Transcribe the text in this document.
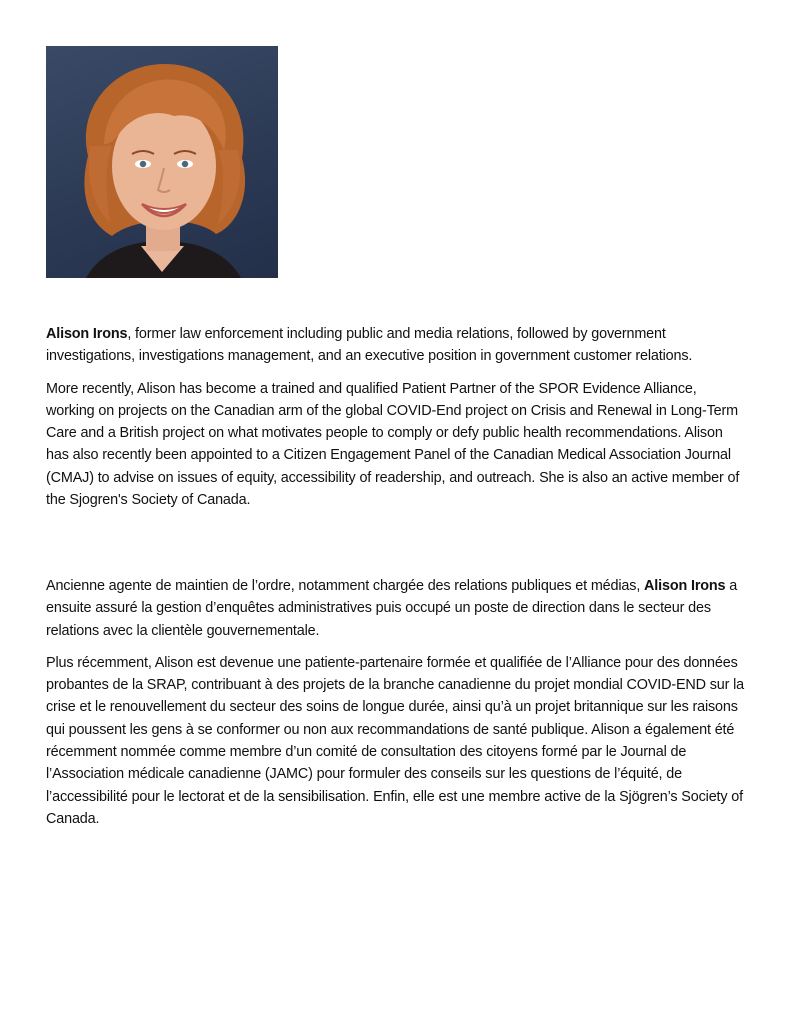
Alison Irons, former law enforcement including public and media relations, followed by government investigations, investigations management, and an executive position in government customer relations.

More recently, Alison has become a trained and qualified Patient Partner of the SPOR Evidence Alliance, working on projects on the Canadian arm of the global COVID-End project on Crisis and Renewal in Long-Term Care and a British project on what motivates people to comply or defy public health recommendations. Alison has also recently been appointed to a Citizen Engagement Panel of the Canadian Medical Association Journal (CMAJ) to advise on issues of equity, accessibility of readership, and outreach. She is also an active member of the Sjogren's Society of Canada.

Ancienne agente de maintien de l’ordre, notamment chargée des relations publiques et médias, Alison Irons a ensuite assuré la gestion d’enquêtes administratives puis occupé un poste de direction dans le secteur des relations avec la clientèle gouvernementale.

Plus récemment, Alison est devenue une patiente-partenaire formée et qualifiée de l’Alliance pour des données probantes de la SRAP, contribuant à des projets de la branche canadienne du projet mondial COVID-END sur la crise et le renouvellement du secteur des soins de longue durée, ainsi qu’à un projet britannique sur les raisons qui poussent les gens à se conformer ou non aux recommandations de santé publique. Alison a également été récemment nommée comme membre d’un comité de consultation des citoyens formé par le Journal de l’Association médicale canadienne (JAMC) pour formuler des conseils sur les questions de l’équité, de l’accessibilité pour le lectorat et de la sensibilisation. Enfin, elle est une membre active de la Sjögren’s Society of Canada.
